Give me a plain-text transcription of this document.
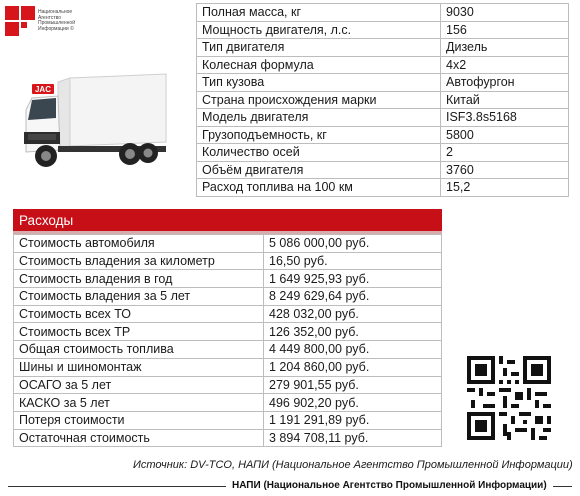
Национальное
Агентство
Промышленной
Информации ©
JAC
Полная масса, кг	9030
Мощность двигателя, л.с.	156
Тип двигателя	Дизель
Колесная формула	4x2
Тип кузова	Автофургон
Страна происхождения марки	Китай
Модель двигателя	ISF3.8s5168
Грузоподъемность, кг	5800
Количество осей	2
Объём двигателя	3760
Расход топлива на 100 км	15,2
Расходы
Стоимость автомобиля	5 086 000,00 руб.
Стоимость владения за километр	16,50 руб.
Стоимость владения в год	1 649 925,93 руб.
Стоимость владения за 5 лет	8 249 629,64 руб.
Стоимость всех ТО	428 032,00 руб.
Стоимость всех ТР	126 352,00 руб.
Общая стоимость топлива	4 449 800,00 руб.
Шины и шиномонтаж	1 204 860,00 руб.
ОСАГО за 5 лет	279 901,55 руб.
КАСКО за 5 лет	496 902,20 руб.
Потеря стоимости	1 191 291,89 руб.
Остаточная стоимость	3 894 708,11 руб.
Источник: DV-TCO, НАПИ (Национальное Агентство Промышленной Информации)
НАПИ (Национальное Агентство Промышленной Информации)
